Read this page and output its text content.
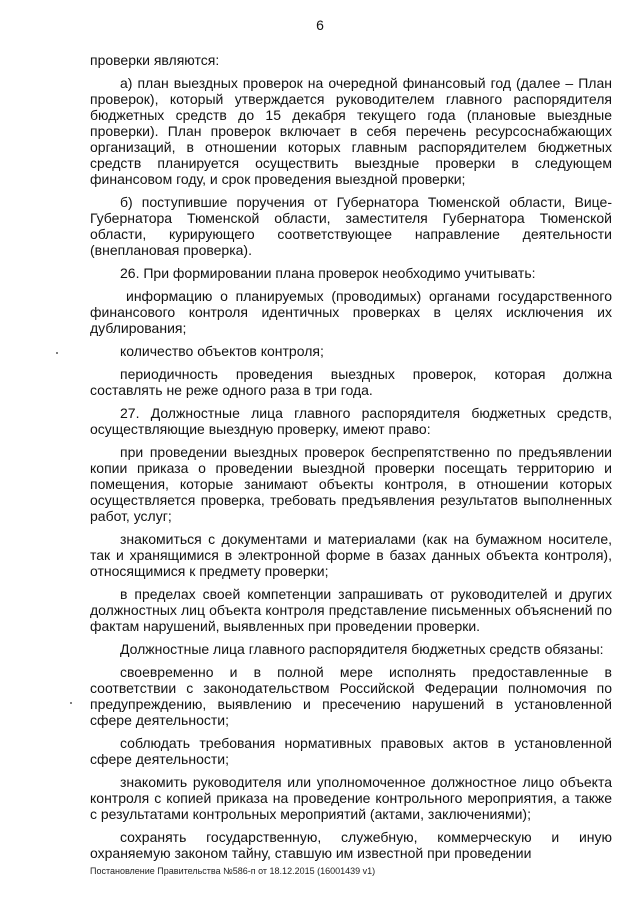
6

проверки являются:

а) план выездных проверок на очередной финансовый год (далее – План проверок), который утверждается руководителем главного распорядителя бюджетных средств до 15 декабря текущего года (плановые выездные проверки). План проверок включает в себя перечень ресурсоснабжающих организаций, в отношении которых главным распорядителем бюджетных средств планируется осуществить выездные проверки в следующем финансовом году, и срок проведения выездной проверки;

б) поступившие поручения от Губернатора Тюменской области, Вице-Губернатора Тюменской области, заместителя Губернатора Тюменской области, курирующего соответствующее направление деятельности (внеплановая проверка).

26. При формировании плана проверок необходимо учитывать:

информацию о планируемых (проводимых) органами государственного финансового контроля идентичных проверках в целях исключения их дублирования;

количество объектов контроля;

периодичность проведения выездных проверок, которая должна составлять не реже одного раза в три года.

27. Должностные лица главного распорядителя бюджетных средств, осуществляющие выездную проверку, имеют право:

при проведении выездных проверок беспрепятственно по предъявлении копии приказа о проведении выездной проверки посещать территорию и помещения, которые занимают объекты контроля, в отношении которых осуществляется проверка, требовать предъявления результатов выполненных работ, услуг;

знакомиться с документами и материалами (как на бумажном носителе, так и хранящимися в электронной форме в базах данных объекта контроля), относящимися к предмету проверки;

в пределах своей компетенции запрашивать от руководителей и других должностных лиц объекта контроля представление письменных объяснений по фактам нарушений, выявленных при проведении проверки.

Должностные лица главного распорядителя бюджетных средств обязаны:

своевременно и в полной мере исполнять предоставленные в соответствии с законодательством Российской Федерации полномочия по предупреждению, выявлению и пресечению нарушений в установленной сфере деятельности;

соблюдать требования нормативных правовых актов в установленной сфере деятельности;

знакомить руководителя или уполномоченное должностное лицо объекта контроля с копией приказа на проведение контрольного мероприятия, а также с результатами контрольных мероприятий (актами, заключениями);

сохранять государственную, служебную, коммерческую и иную охраняемую законом тайну, ставшую им известной при проведении

Постановление Правительства №586-п от 18.12.2015 (16001439 v1)
